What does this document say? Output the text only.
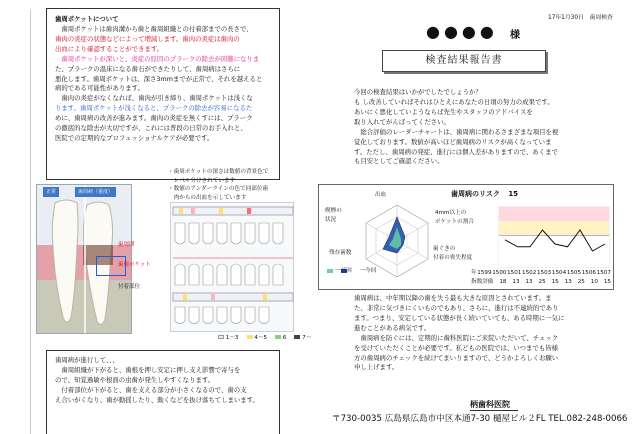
歯周ポケットについて

　歯周ポケットは歯肉溝から歯と歯周組織との付着部までの長さで、

歯肉の炎症の状態などによって増減します。歯肉の炎症は歯肉の

出血により確認することができます。

　歯周ポケットが深いと、炎症の原因のプラークの除去が困難になりま

た、プラークの温床になる歯石ができたりして、歯周病はさらに

悪化します。歯周ポケットは、深さ3mmまでが正常で、それを越えると

病的である可能性があります。

　歯肉の炎症がなくなれば、歯肉が引き締り、歯周ポケットは浅くな

ります。歯周ポケットが浅くなると、プラークの除去が容易になるた

めに、歯周病の改善が進みます。歯肉の炎症を無くすには、プラーク

の徹底的な除去が大切ですが、これには普段の日常のお手入れと、

医院での定期的なプロフェッショナルケアが必要です。

正常	歯周病（重度）
歯周囲
歯周ポケット
付着部位
・歯周ポケットの深さは数値の背景色で
　レベル分けされています
・数値のアンダーラインの色で同部位歯
　肉からの出血を示しています
1〜3	4〜5	6	7〜

歯周病が進行して、、、

　歯周組織が下がると、歯根を押し安定に押し支え影響で寄与を

ので、知覚過敏や根面の虫歯が発生しやすくなります。

　付着部位が下がると、歯を支える部分が小さくなるので、歯の支

え合いがくなり、歯が動揺したり、動くなどを抜け落ちてしまいます。

17年1月30日　歯周検査
●●●● 様
検査結果報告書
今回の検査結果はいかがでしたでしょうか？
も し改善していればそれはひとえにあなたの日頃の努力の成果です。
あいにく悪化していようならば先生やスタッフのアドバイスを
取り入れてがんばってください。
　総合評価のレーダーチャートは、歯周病に関わるさまざまな項目を視
覚化しております。数値が高いほど歯周病のリスクが高くなっていま
す。ただし、歯周病の発症、進行には個人差がありますので、あくまで
も目安としてご確認ください。
歯周病のリスク 15
出血
4mm以上の
ポケットの割合
歯ぐきの
付着の喪失程度
喫煙の
状況
残存歯数
一前回 一今回	年 1599 1500 1501 1502 1503 1504 1505 1506 1507
指数評価 18 13 13 25 15 13 25 10 15
歯周病は、中年期以降の歯を失う最も大きな原因とされています。ま
た、非常に気づきにくいものでもあり、さらに、進行は不連続的であり
ます。つまり、安定している状態が長く続いていても、ある時期に一気に
進むことがある病気です。
　歯周病を防ぐには、定期的に歯科医院にご来院いただいて、チェック
を受けていただくことが必要です。私どもの医院では、いつまでも皆様
方の歯周病のチェックを続けてまいりますので、どうかよろしくお願い
申し上げます。
柄歯科医院
〒730-0035 広島県広島市中区本通7-30 樋屋ビル２FL TEL.082-248-0066
